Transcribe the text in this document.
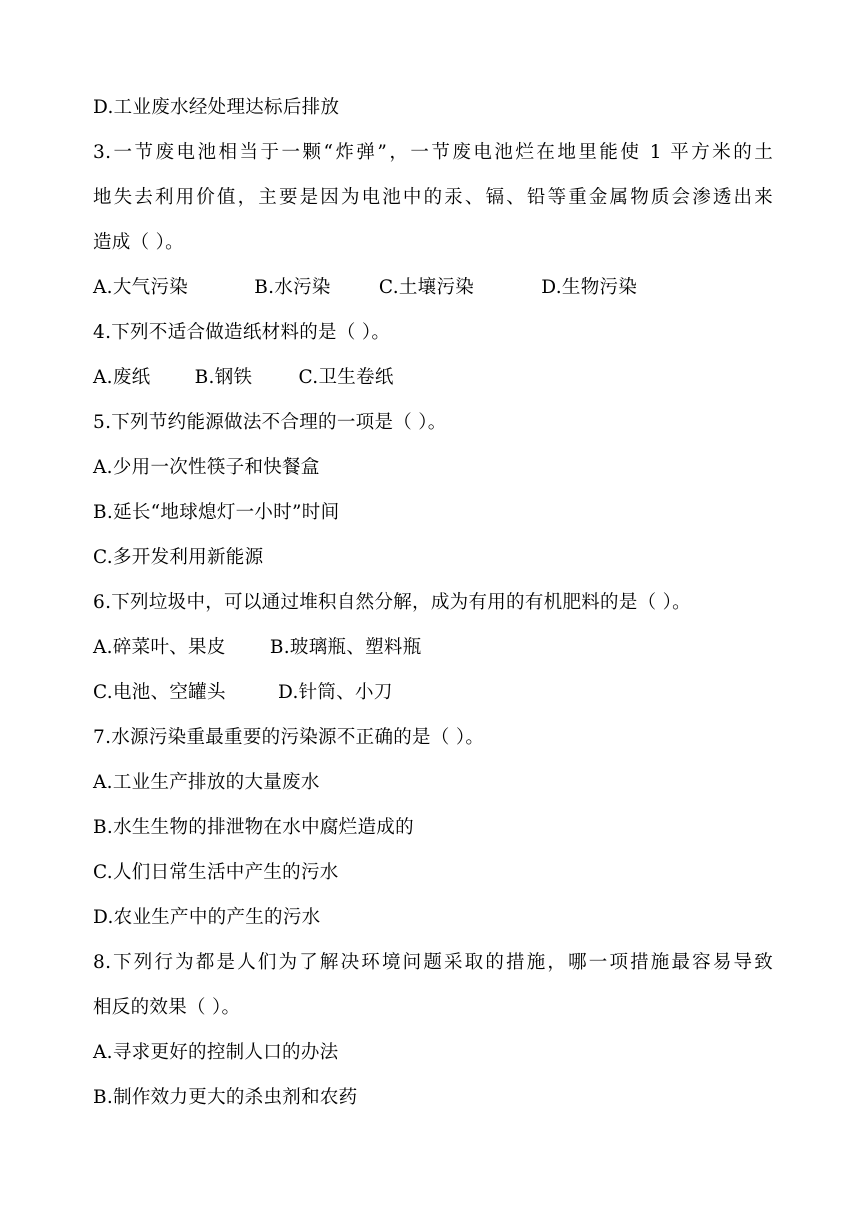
D.工业废水经处理达标后排放
3.一节废电池相当于一颗“炸弹”，一节废电池烂在地里能使 1 平方米的土
地失去利用价值，主要是因为电池中的汞、镉、铅等重金属物质会渗透出来
造成（ ）。
A.大气污染	B.水污染	C.土壤污染	D.生物污染
4.下列不适合做造纸材料的是（ ）。
A.废纸 B.钢铁 C.卫生卷纸
5.下列节约能源做法不合理的一项是（ ）。
A.少用一次性筷子和快餐盒
B.延长“地球熄灯一小时”时间
C.多开发利用新能源
6.下列垃圾中，可以通过堆积自然分解，成为有用的有机肥料的是（ ）。
A.碎菜叶、果皮 B.玻璃瓶、塑料瓶
C.电池、空罐头	D.针筒、小刀
7.水源污染重最重要的污染源不正确的是（ ）。
A.工业生产排放的大量废水
B.水生生物的排泄物在水中腐烂造成的
C.人们日常生活中产生的污水
D.农业生产中的产生的污水
8.下列行为都是人们为了解决环境问题采取的措施，哪一项措施最容易导致
相反的效果（ ）。
A.寻求更好的控制人口的办法
B.制作效力更大的杀虫剂和农药
